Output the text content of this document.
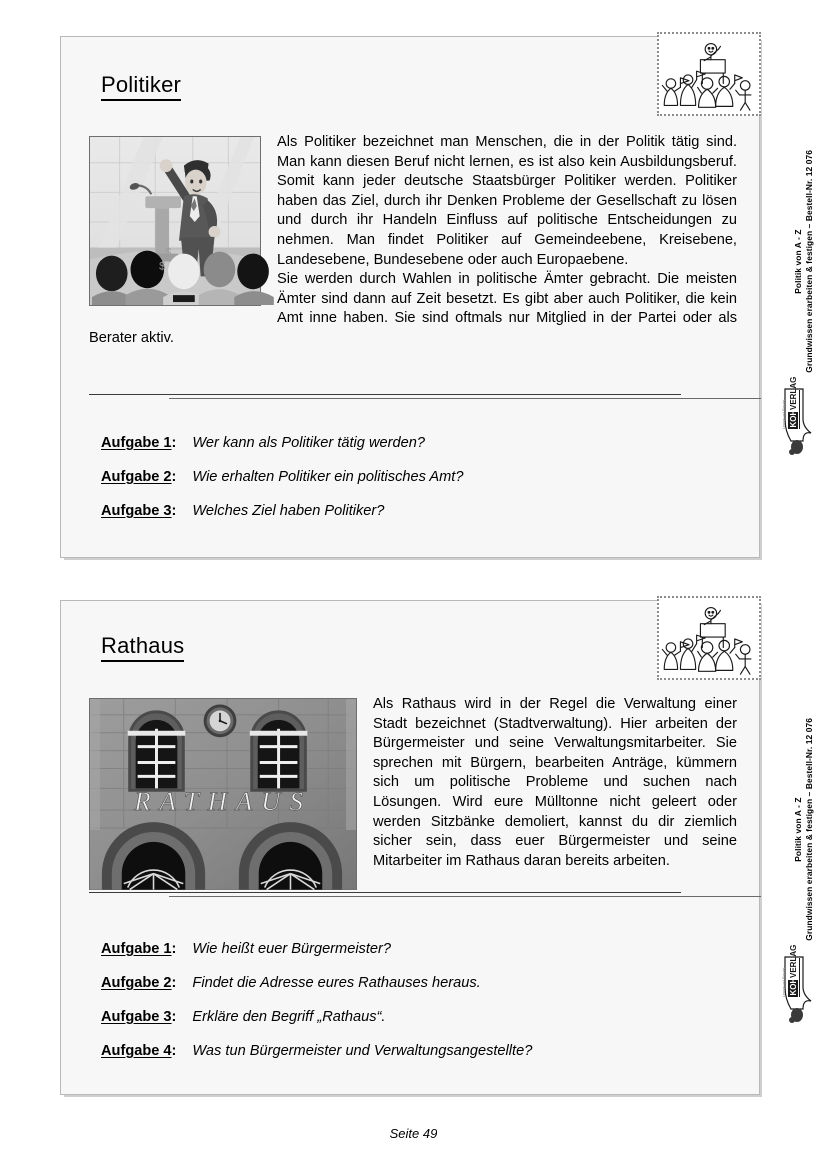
Politiker
$
$

Als Politiker bezeichnet man Menschen, die in der Politik tätig sind. Man kann diesen Beruf nicht lernen, es ist also kein Ausbildungsberuf. Somit kann jeder deutsche Staatsbürger Politiker werden. Politiker haben das Ziel, durch ihr Denken Probleme der Gesellschaft zu lösen und durch ihr Handeln Einfluss auf politische Entscheidungen zu nehmen. Man findet Politiker auf Gemeindeebene, Kreisebene, Landesebene, Bundesebene oder auch Europaebene.

Sie werden durch Wahlen in politische Ämter gebracht. Die meisten Ämter sind dann auf Zeit besetzt. Es gibt aber auch Politiker, die kein Amt inne haben. Sie sind oftmals nur Mitglied in der Partei oder als Berater aktiv.

Aufgabe 1: Wer kann als Politiker tätig werden?
Aufgabe 2: Wie erhalten Politiker ein politisches Amt?
Aufgabe 3: Welches Ziel haben Politiker?
Politik von A - Z Grundwissen erarbeiten & festigen – Bestell-Nr. 12 076
KOHL
VERLAG
Lernen mit Freude
Rathaus
RATHAUS

Als Rathaus wird in der Regel die Verwaltung einer Stadt bezeichnet (Stadtverwaltung). Hier arbeiten der Bürgermeister und seine Verwaltungsmitarbeiter. Sie sprechen mit Bürgern, bearbeiten Anträge, kümmern sich um politische Probleme und suchen nach Lösungen. Wird eure Mülltonne nicht geleert oder werden Sitzbänke demoliert, kannst du dir ziemlich sicher sein, dass euer Bürgermeister und seine Mitarbeiter im Rathaus daran bereits arbeiten.

Aufgabe 1: Wie heißt euer Bürgermeister?
Aufgabe 2: Findet die Adresse eures Rathauses heraus.
Aufgabe 3: Erkläre den Begriff „Rathaus“.
Aufgabe 4: Was tun Bürgermeister und Verwaltungsangestellte?
Politik von A - Z Grundwissen erarbeiten & festigen – Bestell-Nr. 12 076
KOHL
VERLAG
Lernen mit Freude
Seite 49
